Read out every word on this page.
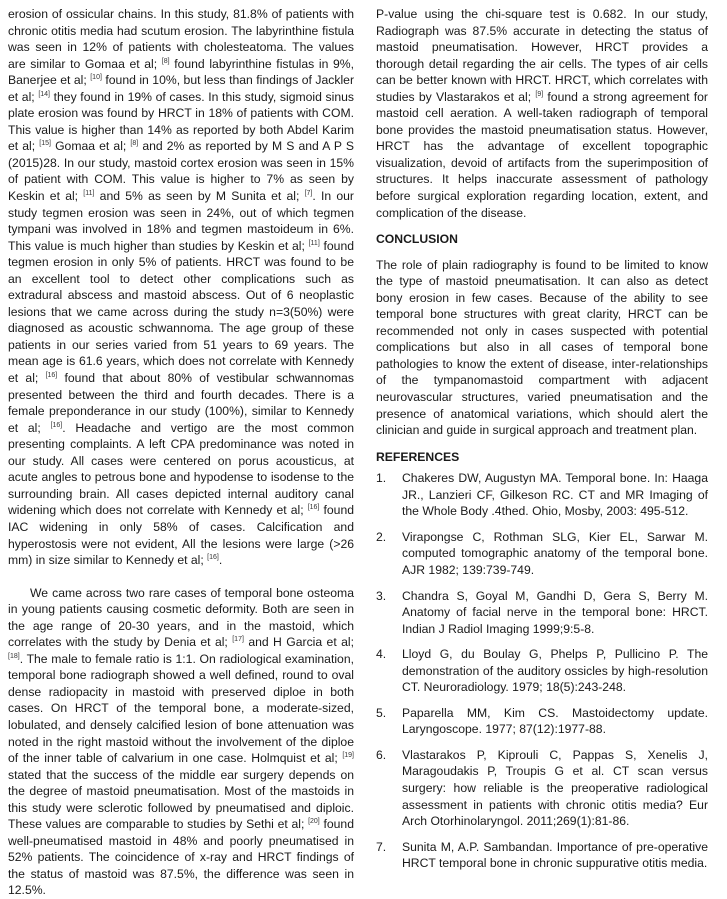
erosion of ossicular chains. In this study, 81.8% of patients with chronic otitis media had scutum erosion. The labyrinthine fistula was seen in 12% of patients with cholesteatoma. The values are similar to Gomaa et al; [8] found labyrinthine fistulas in 9%, Banerjee et al; [10] found in 10%, but less than findings of Jackler et al; [14] they found in 19% of cases. In this study, sigmoid sinus plate erosion was found by HRCT in 18% of patients with COM. This value is higher than 14% as reported by both Abdel Karim et al; [15] Gomaa et al; [8] and 2% as reported by M S and A P S (2015)28. In our study, mastoid cortex erosion was seen in 15% of patient with COM. This value is higher to 7% as seen by Keskin et al; [11] and 5% as seen by M Sunita et al; [7]. In our study tegmen erosion was seen in 24%, out of which tegmen tympani was involved in 18% and tegmen mastoideum in 6%. This value is much higher than studies by Keskin et al; [11] found tegmen erosion in only 5% of patients. HRCT was found to be an excellent tool to detect other complications such as extradural abscess and mastoid abscess. Out of 6 neoplastic lesions that we came across during the study n=3(50%) were diagnosed as acoustic schwannoma. The age group of these patients in our series varied from 51 years to 69 years. The mean age is 61.6 years, which does not correlate with Kennedy et al; [16] found that about 80% of vestibular schwannomas presented between the third and fourth decades. There is a female preponderance in our study (100%), similar to Kennedy et al; [16]. Headache and vertigo are the most common presenting complaints. A left CPA predominance was noted in our study. All cases were centered on porus acousticus, at acute angles to petrous bone and hypodense to isodense to the surrounding brain. All cases depicted internal auditory canal widening which does not correlate with Kennedy et al; [16] found IAC widening in only 58% of cases. Calcification and hyperostosis were not evident, All the lesions were large (>26 mm) in size similar to Kennedy et al; [16].

We came across two rare cases of temporal bone osteoma in young patients causing cosmetic deformity. Both are seen in the age range of 20-30 years, and in the mastoid, which correlates with the study by Denia et al; [17] and H Garcia et al; [18]. The male to female ratio is 1:1. On radiological examination, temporal bone radiograph showed a well defined, round to oval dense radiopacity in mastoid with preserved diploe in both cases. On HRCT of the temporal bone, a moderate-sized, lobulated, and densely calcified lesion of bone attenuation was noted in the right mastoid without the involvement of the diploe of the inner table of calvarium in one case. Holmquist et al; [19] stated that the success of the middle ear surgery depends on the degree of mastoid pneumatisation. Most of the mastoids in this study were sclerotic followed by pneumatised and diploic. These values are comparable to studies by Sethi et al; [20] found well-pneumatised mastoid in 48% and poorly pneumatised in 52% patients. The coincidence of x-ray and HRCT findings of the status of mastoid was 87.5%, the difference was seen in 12.5%.

P-value using the chi-square test is 0.682. In our study, Radiograph was 87.5% accurate in detecting the status of mastoid pneumatisation. However, HRCT provides a thorough detail regarding the air cells. The types of air cells can be better known with HRCT. HRCT, which correlates with studies by Vlastarakos et al; [9] found a strong agreement for mastoid cell aeration. A well-taken radiograph of temporal bone provides the mastoid pneumatisation status. However, HRCT has the advantage of excellent topographic visualization, devoid of artifacts from the superimposition of structures. It helps inaccurate assessment of pathology before surgical exploration regarding location, extent, and complication of the disease.

CONCLUSION

The role of plain radiography is found to be limited to know the type of mastoid pneumatisation. It can also as detect bony erosion in few cases. Because of the ability to see temporal bone structures with great clarity, HRCT can be recommended not only in cases suspected with potential complications but also in all cases of temporal bone pathologies to know the extent of disease, inter-relationships of the tympanomastoid compartment with adjacent neurovascular structures, varied pneumatisation and the presence of anatomical variations, which should alert the clinician and guide in surgical approach and treatment plan.

REFERENCES
1.	Chakeres DW, Augustyn MA. Temporal bone. In: Haaga JR., Lanzieri CF, Gilkeson RC. CT and MR Imaging of the Whole Body .4thed. Ohio, Mosby, 2003: 495-512.
2.	Virapongse C, Rothman SLG, Kier EL, Sarwar M. computed tomographic anatomy of the temporal bone. AJR 1982; 139:739-749.
3.	Chandra S, Goyal M, Gandhi D, Gera S, Berry M. Anatomy of facial nerve in the temporal bone: HRCT. Indian J Radiol Imaging 1999;9:5-8.
4.	Lloyd G, du Boulay G, Phelps P, Pullicino P. The demonstration of the auditory ossicles by high-resolution CT. Neuroradiology. 1979; 18(5):243-248.
5.	Paparella MM, Kim CS. Mastoidectomy update. Laryngoscope. 1977; 87(12):1977-88.
6.	Vlastarakos P, Kiprouli C, Pappas S, Xenelis J, Maragoudakis P, Troupis G et al. CT scan versus surgery: how reliable is the preoperative radiological assessment in patients with chronic otitis media? Eur Arch Otorhinolaryngol. 2011;269(1):81-86.
7.	Sunita M, A.P. Sambandan. Importance of pre-operative HRCT temporal bone in chronic suppurative otitis media.
